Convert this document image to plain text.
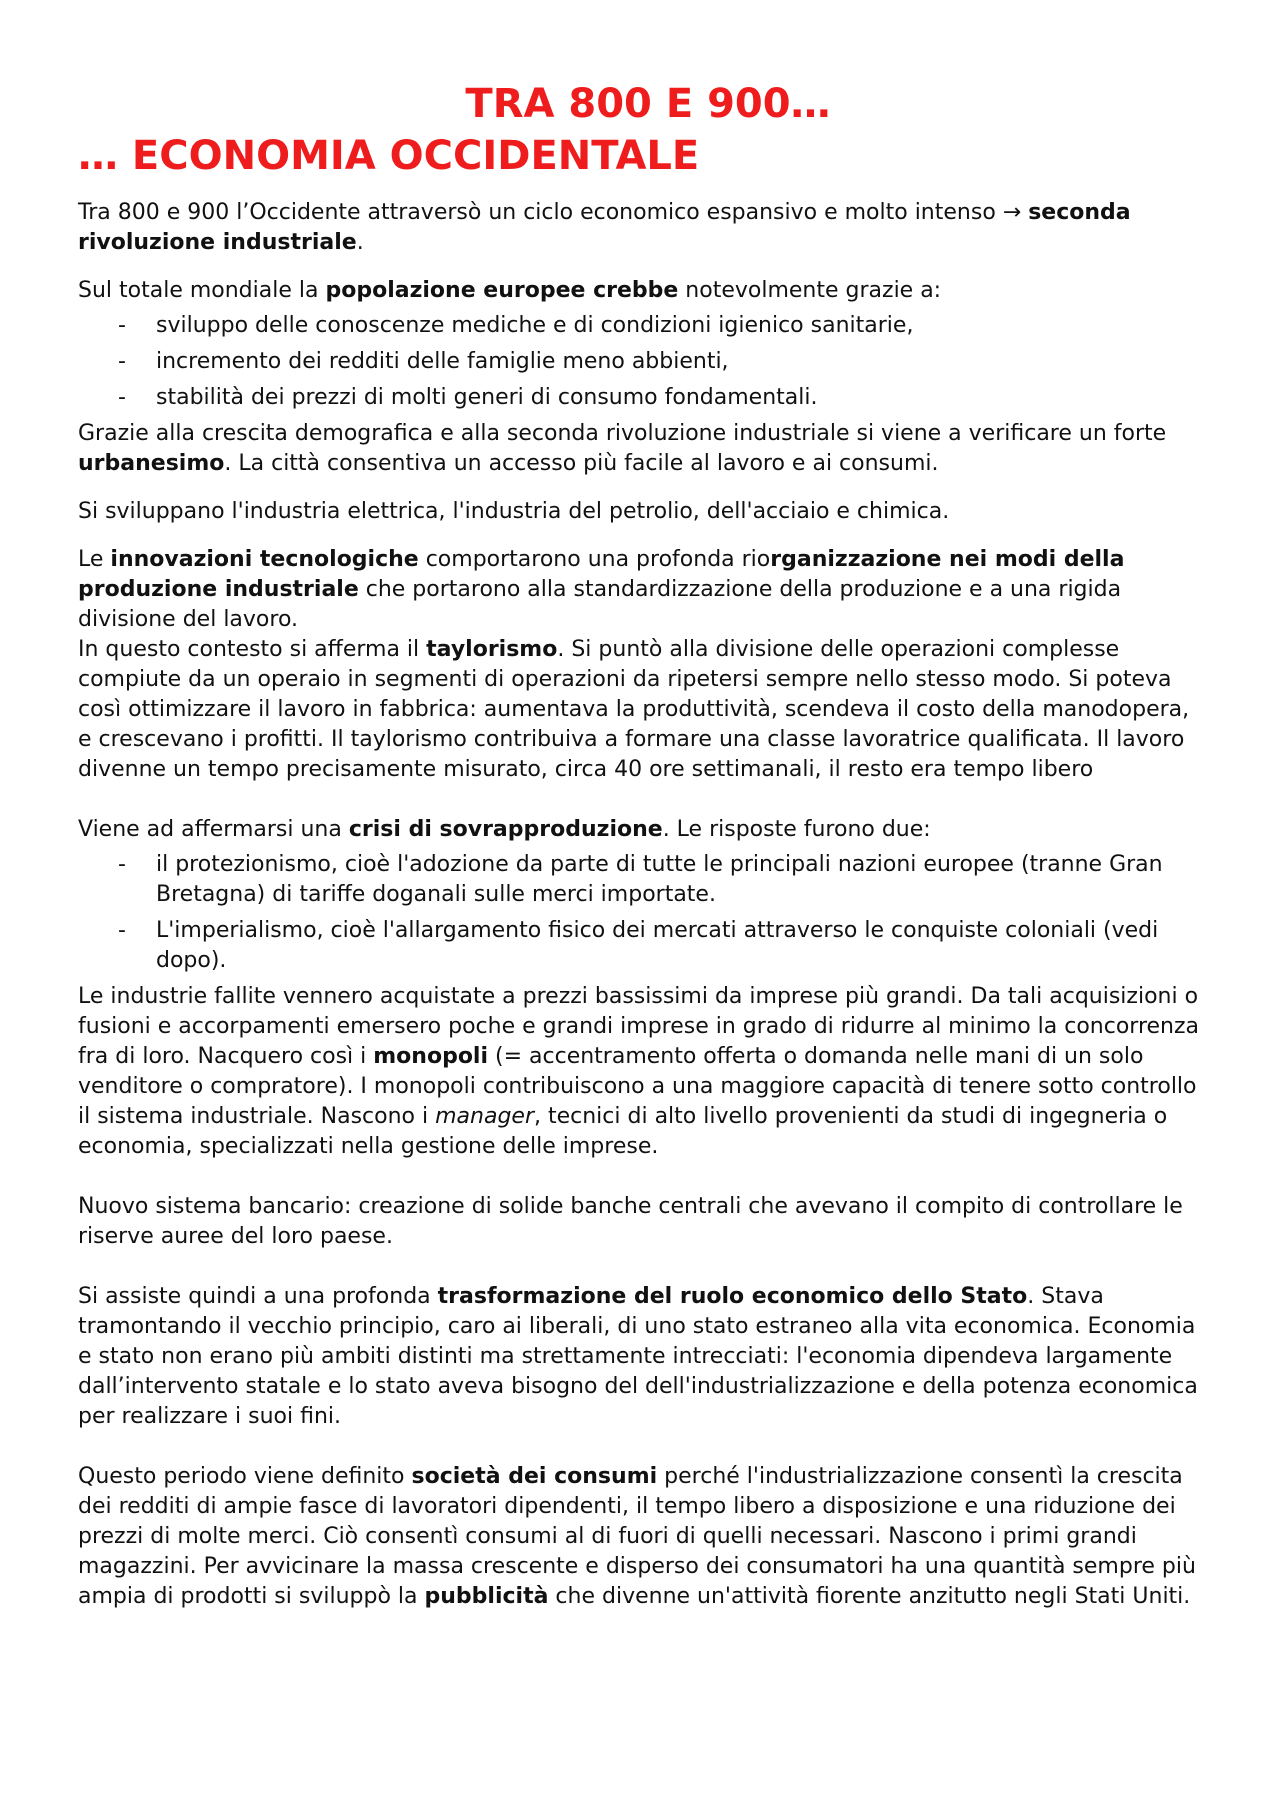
TRA 800 E 900…
… ECONOMIA OCCIDENTALE

Tra 800 e 900 l’Occidente attraversò un ciclo economico espansivo e molto intenso → seconda rivoluzione industriale.

Sul totale mondiale la popolazione europee crebbe notevolmente grazie a:

- sviluppo delle conoscenze mediche e di condizioni igienico sanitarie,
- incremento dei redditi delle famiglie meno abbienti,
- stabilità dei prezzi di molti generi di consumo fondamentali.

Grazie alla crescita demografica e alla seconda rivoluzione industriale si viene a verificare un forte urbanesimo. La città consentiva un accesso più facile al lavoro e ai consumi.

Si sviluppano l'industria elettrica, l'industria del petrolio, dell'acciaio e chimica.

Le innovazioni tecnologiche comportarono una profonda riorganizzazione nei modi della produzione industriale che portarono alla standardizzazione della produzione e a una rigida divisione del lavoro.

In questo contesto si afferma il taylorismo. Si puntò alla divisione delle operazioni complesse compiute da un operaio in segmenti di operazioni da ripetersi sempre nello stesso modo. Si poteva così ottimizzare il lavoro in fabbrica: aumentava la produttività, scendeva il costo della manodopera, e crescevano i profitti. Il taylorismo contribuiva a formare una classe lavoratrice qualificata. Il lavoro divenne un tempo precisamente misurato, circa 40 ore settimanali, il resto era tempo libero

Viene ad affermarsi una crisi di sovrapproduzione. Le risposte furono due:

- il protezionismo, cioè l'adozione da parte di tutte le principali nazioni europee (tranne Gran Bretagna) di tariffe doganali sulle merci importate.
- L'imperialismo, cioè l'allargamento fisico dei mercati attraverso le conquiste coloniali (vedi dopo).

Le industrie fallite vennero acquistate a prezzi bassissimi da imprese più grandi. Da tali acquisizioni o fusioni e accorpamenti emersero poche e grandi imprese in grado di ridurre al minimo la concorrenza fra di loro. Nacquero così i monopoli (= accentramento offerta o domanda nelle mani di un solo venditore o compratore). I monopoli contribuiscono a una maggiore capacità di tenere sotto controllo il sistema industriale. Nascono i manager, tecnici di alto livello provenienti da studi di ingegneria o economia, specializzati nella gestione delle imprese.

Nuovo sistema bancario: creazione di solide banche centrali che avevano il compito di controllare le riserve auree del loro paese.

Si assiste quindi a una profonda trasformazione del ruolo economico dello Stato. Stava tramontando il vecchio principio, caro ai liberali, di uno stato estraneo alla vita economica. Economia e stato non erano più ambiti distinti ma strettamente intrecciati: l'economia dipendeva largamente dall’intervento statale e lo stato aveva bisogno del dell'industrializzazione e della potenza economica per realizzare i suoi fini.

Questo periodo viene definito società dei consumi perché l'industrializzazione consentì la crescita dei redditi di ampie fasce di lavoratori dipendenti, il tempo libero a disposizione e una riduzione dei prezzi di molte merci. Ciò consentì consumi al di fuori di quelli necessari. Nascono i primi grandi magazzini. Per avvicinare la massa crescente e disperso dei consumatori ha una quantità sempre più ampia di prodotti si sviluppò la pubblicità che divenne un'attività fiorente anzitutto negli Stati Uniti.
